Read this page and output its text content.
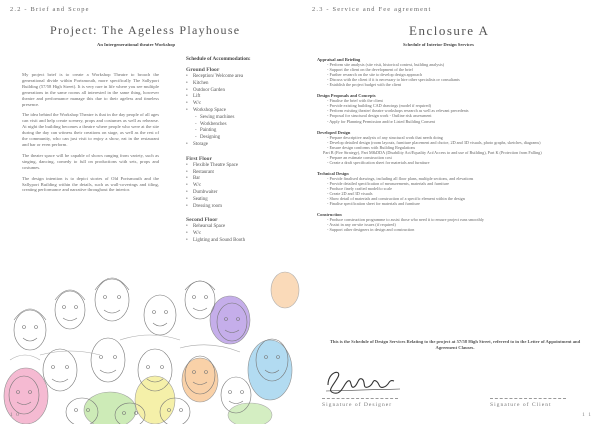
2.2 - Brief and Scope
Project: The Ageless Playhouse
An Intergenerational theatre Workshop

My project brief is to create a Workshop Theatre to broach the generational divide within Portsmouth, more specifically The Sallyport Building (57/58 High Street). It is very rare in life where you see multiple generations in the same rooms all interested in the same thing, however theatre and performance manage this due to their ageless and timeless presence.

The idea behind the Workshop Theatre is that in the day people of all ages can visit and help create scenery, props and costumes as well as rehearse. At night the building becomes a theatre where people who were at the site during the day can witness their creations on stage, as well as the rest of the community, who can just visit to enjoy a show, eat in the restaurant and bar or even perform.

The theater space will be capable of shows ranging from variety, such as singing, dancing, comedy to full on productions with sets, props and costumes.

The design intention is to depict stories of Old Portsmouth and the Sallyport Building within the details, such as wall-coverings and tiling, creating performance and narrative throughout the interior.

Schedule of Accommodation:
Ground Floor
• Reception/ Welcome area
• Kitchen
• Outdoor Garden
• Lift
• W/c
• Workshop Space
- Sewing machines
- Workbenches
- Painting
- Designing
• Storage
First Floor
• Flexible Theatre Space
• Restaurant
• Bar
• W/c
• Dumbwaiter
• Seating
• Dressing room
Second Floor
• Rehearsal Space
• W/c
• Lighting and Sound Booth
1 0
2.3 - Service and Fee agreement
Enclosure A
Schedule of Interior Design Services
Appraisal and Briefing
- Perform site analysis (site visit, historical context, building analysis)
- Support the client on the development of the brief
- Further research on the site to develop design approach
- Discuss with the client if it is necessary to hire other specialists or consultants
- Establish the project budget with the client
Design Proposals and Concepts
- Finalise the brief with the client
- Provide existing building CAD drawings (model if required)
- Perform existing theatre/ theatre workshops research as well as relevant precedents
- Proposal for structural design work - Outline risk assessment
- Apply for Planning Permission and/or Listed Building Consent
Developed Design
- Prepare descriptive analysis of any structural work that needs doing
- Develop detailed design (room layouts, furniture placement and choice, 2D and 3D visuals, photo graphs, sketches, diagrams)
- Ensure design conforms with Building Regulations
Part B (Fire Strategy), Part M&DDA (Disability Act/Equality Act/Access to and use of Building), Part K (Protection from Falling)
- Prepare an estimate construction cost
- Create a draft specification sheet for materials and furniture
Technical Design
- Provide finalised drawings, including all floor plans, multiple sections, and elevations
- Provide detailed specification of measurements, materials and furniture
- Produce finely crafted model/to scale
- Create 2D and 3D visuals
- Show detail of materials and construction of a specific element within the design
- Finalise specification sheet for materials and furniture
Construction
- Produce construction programme to assist those who need it to ensure project runs smoothly
- Assist in any on-site issues (if required)
- Support other designers in design and construction
This is the Schedule of Design Services Relating to the project at 57/58 High Street, referred to in the Letter of Appointment and Agreement Clauses.
Signature of Designer	Signature of Client
1 1
